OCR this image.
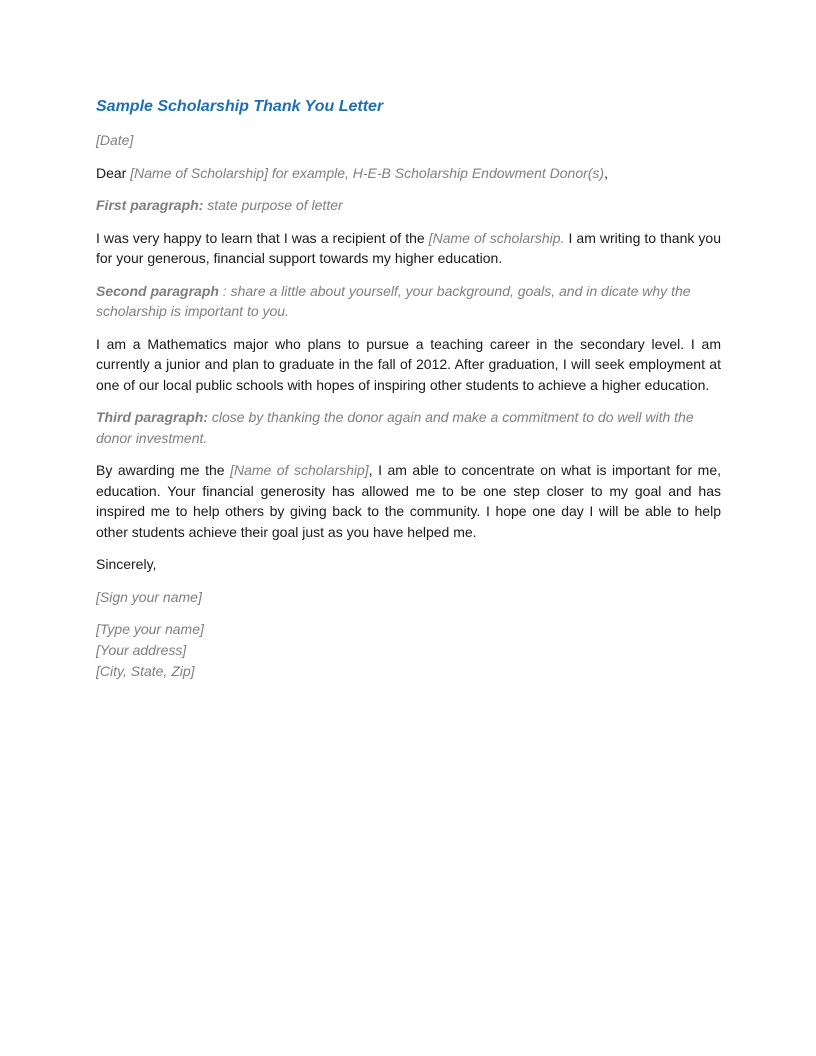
Sample Scholarship Thank You Letter

[Date]

Dear [Name of Scholarship] for example, H-E-B Scholarship Endowment Donor(s),

First paragraph: state purpose of letter

I was very happy to learn that I was a recipient of the [Name of scholarship. I am writing to thank you for your generous, financial support towards my higher education.

Second paragraph : share a little about yourself, your background, goals, and in dicate why the scholarship is important to you.

I am a Mathematics major who plans to pursue a teaching career in the secondary level. I am currently a junior and plan to graduate in the fall of 2012. After graduation, I will seek employment at one of our local public schools with hopes of inspiring other students to achieve a higher education.

Third paragraph: close by thanking the donor again and make a commitment to do well with the donor investment.

By awarding me the [Name of scholarship], I am able to concentrate on what is important for me, education. Your financial generosity has allowed me to be one step closer to my goal and has inspired me to help others by giving back to the community. I hope one day I will be able to help other students achieve their goal just as you have helped me.

Sincerely,

[Sign your name]

[Type your name]

[Your address]

[City, State, Zip]
